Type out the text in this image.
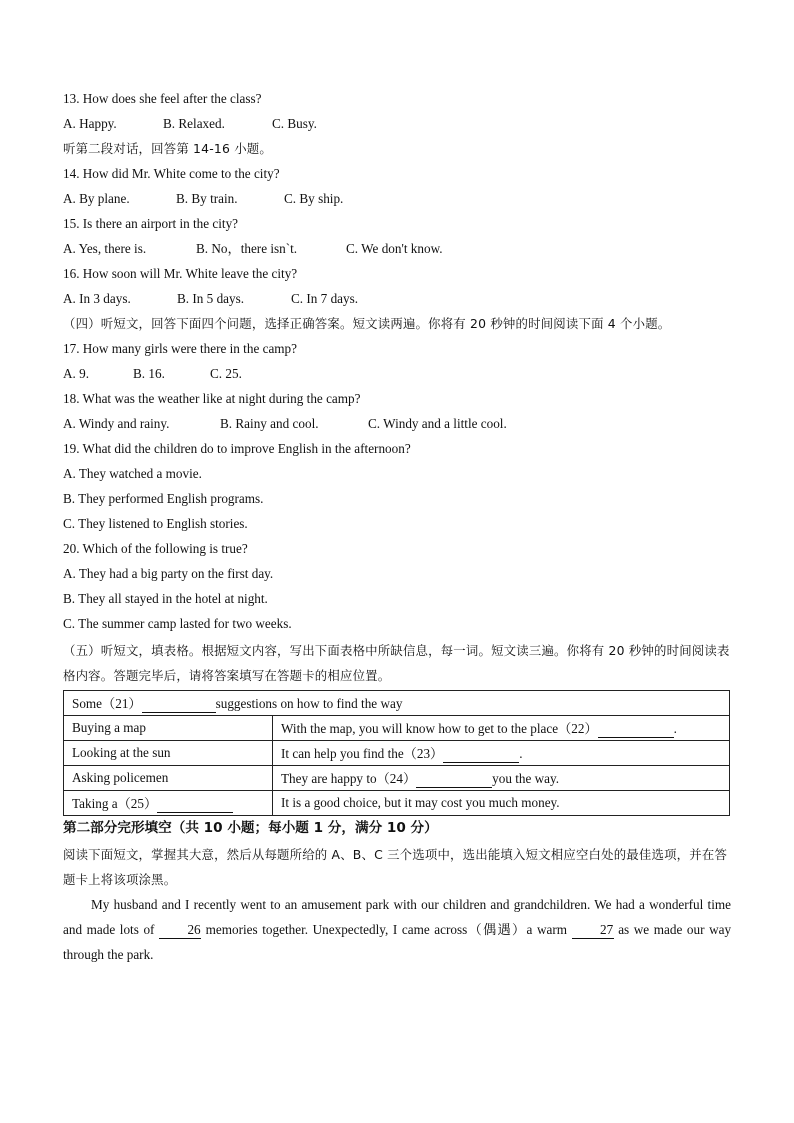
13. How does she feel after the class?
A. Happy.	B. Relaxed.	C. Busy.
听第二段对话，回答第 14-16 小题。
14. How did Mr. White come to the city?
A. By plane.	B. By train.	C. By ship.
15. Is there an airport in the city?
A. Yes, there is.	B. No，there isn`t.	C. We don't know.
16. How soon will Mr. White leave the city?
A. In 3 days.	B. In 5 days.	C. In 7 days.
（四）听短文，回答下面四个问题，选择正确答案。短文读两遍。你将有 20 秒钟的时间阅读下面 4 个小题。
17. How many girls were there in the camp?
A. 9.	B. 16.	C. 25.
18. What was the weather like at night during the camp?
A. Windy and rainy.	B. Rainy and cool.	C. Windy and a little cool.
19. What did the children do to improve English in the afternoon?
A. They watched a movie.
B. They performed English programs.
C. They listened to English stories.
20. Which of the following is true?
A. They had a big party on the first day.
B. They all stayed in the hotel at night.
C. The summer camp lasted for two weeks.
（五）听短文，填表格。根据短文内容，写出下面表格中所缺信息，每一词。短文读三遍。你将有 20 秒钟的时间阅读表格内容。答题完毕后，请将答案填写在答题卡的相应位置。
Some（21） suggestions on how to find the way	
Buying a map	With the map, you will know how to get to the place（22） .
Looking at the sun	It can help you find the（23） .
Asking policemen	They are happy to（24） you the way.
Taking a（25）	It is a good choice, but it may cost you much money.
第二部分完形填空（共 10 小题；每小题 1 分，满分 10 分）
阅读下面短文，掌握其大意，然后从每题所给的 A、B、C 三个选项中，选出能填入短文相应空白处的最佳选项，并在答题卡上将该项涂黑。
My husband and I recently went to an amusement park with our children and grandchildren. We had a wonderful time and made lots of	26 memories together. Unexpectedly, I came across（偶遇）a warm	27 as we made our way through the park.
